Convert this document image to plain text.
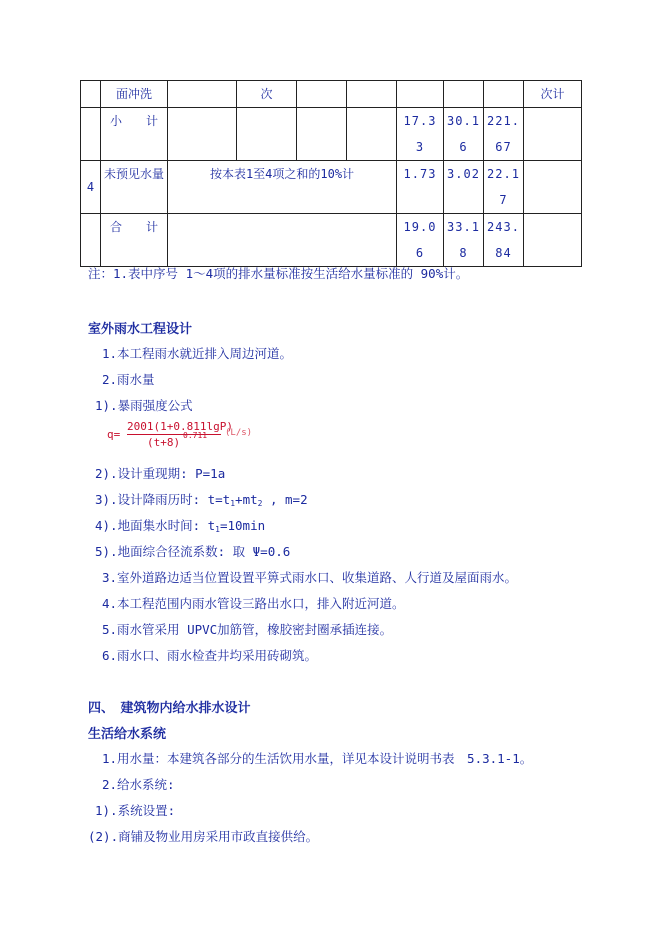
	面冲洗		次						次计
	小　　计					17.3 3	30.1 6	221. 67	
4	未预见水量	按本表1至4项之和的10%计				1.73	3.02	22.1 7	
	合　　计					19.0 6	33.1 8	243. 84	
注：1.表中序号 1～4项的排水量标准按生活给水量标准的 90%计。
室外雨水工程设计
1.本工程雨水就近排入周边河道。
2.雨水量
1).暴雨强度公式
q=
2001(1+0.811lgP)
(t+8)
0.711 (L/s)
2).设计重现期: P=1a
3).设计降雨历时: $t=t_1+mt_2$ , m=2
4).地面集水时间: $t_1=10\min$
5).地面综合径流系数: 取 Ψ=0.6
3.室外道路边适当位置设置平箅式雨水口、收集道路、人行道及屋面雨水。
4.本工程范围内雨水管设三路出水口，排入附近河道。
5.雨水管采用 UPVC加筋管，橡胶密封圈承插连接。
6.雨水口、雨水检查井均采用砖砌筑。
四、　建筑物内给水排水设计
生活给水系统
1.用水量：本建筑各部分的生活饮用水量，详见本设计说明书表　5.3.1-1。
2.给水系统:
1).系统设置:
(2).商铺及物业用房采用市政直接供给。
